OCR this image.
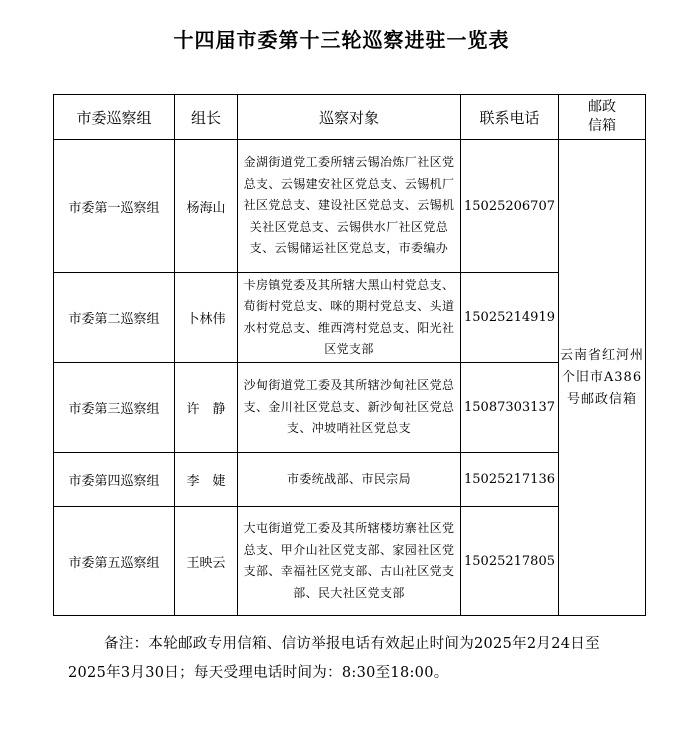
十四届市委第十三轮巡察进驻一览表
市委巡察组	组长	巡察对象	联系电话	邮政
信箱
市委第一巡察组	杨海山	金湖街道党工委所辖云锡冶炼厂社区党总支、云锡建安社区党总支、云锡机厂社区党总支、建设社区党总支、云锡机关社区党总支、云锡供水厂社区党总支、云锡储运社区党总支，市委编办	15025206707	云南省红河州个旧市A386号邮政信箱
市委第二巡察组	卜林伟	卡房镇党委及其所辖大黑山村党总支、荀街村党总支、咪的期村党总支、头道水村党总支、维西湾村党总支、阳光社区党支部	15025214919	
市委第三巡察组	许　静	沙甸街道党工委及其所辖沙甸社区党总支、金川社区党总支、新沙甸社区党总支、冲坡哨社区党总支	15087303137	
市委第四巡察组	李　婕	市委统战部、市民宗局	15025217136	
市委第五巡察组	王映云	大屯街道党工委及其所辖楼坊寨社区党总支、甲介山社区党支部、家园社区党支部、幸福社区党支部、古山社区党支部、民大社区党支部	15025217805	
备注：本轮邮政专用信箱、信访举报电话有效起止时间为2025年2月24日至2025年3月30日；每天受理电话时间为：8:30至18:00。
